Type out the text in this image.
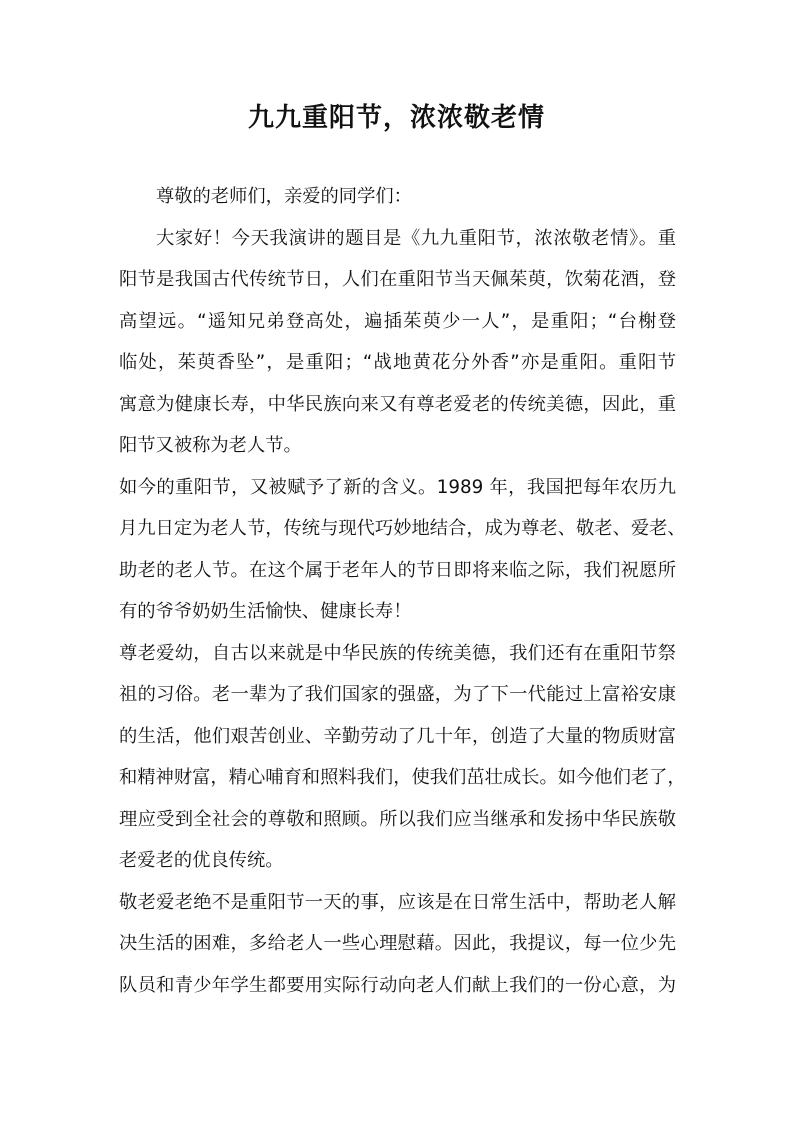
九九重阳节，浓浓敬老情
尊敬的老师们，亲爱的同学们：
大家好！今天我演讲的题目是《九九重阳节，浓浓敬老情》。重
阳节是我国古代传统节日，人们在重阳节当天佩茱萸，饮菊花酒，登
高望远。“遥知兄弟登高处，遍插茱萸少一人”，是重阳；“台榭登
临处，茱萸香坠”，是重阳；“战地黄花分外香”亦是重阳。重阳节
寓意为健康长寿，中华民族向来又有尊老爱老的传统美德，因此，重
阳节又被称为老人节。
如今的重阳节，又被赋予了新的含义。1989 年，我国把每年农历九
月九日定为老人节，传统与现代巧妙地结合，成为尊老、敬老、爱老、
助老的老人节。在这个属于老年人的节日即将来临之际，我们祝愿所
有的爷爷奶奶生活愉快、健康长寿！
尊老爱幼，自古以来就是中华民族的传统美德，我们还有在重阳节祭
祖的习俗。老一辈为了我们国家的强盛，为了下一代能过上富裕安康
的生活，他们艰苦创业、辛勤劳动了几十年，创造了大量的物质财富
和精神财富，精心哺育和照料我们，使我们茁壮成长。如今他们老了，
理应受到全社会的尊敬和照顾。所以我们应当继承和发扬中华民族敬
老爱老的优良传统。
敬老爱老绝不是重阳节一天的事，应该是在日常生活中，帮助老人解
决生活的困难，多给老人一些心理慰藉。因此，我提议，每一位少先
队员和青少年学生都要用实际行动向老人们献上我们的一份心意，为
